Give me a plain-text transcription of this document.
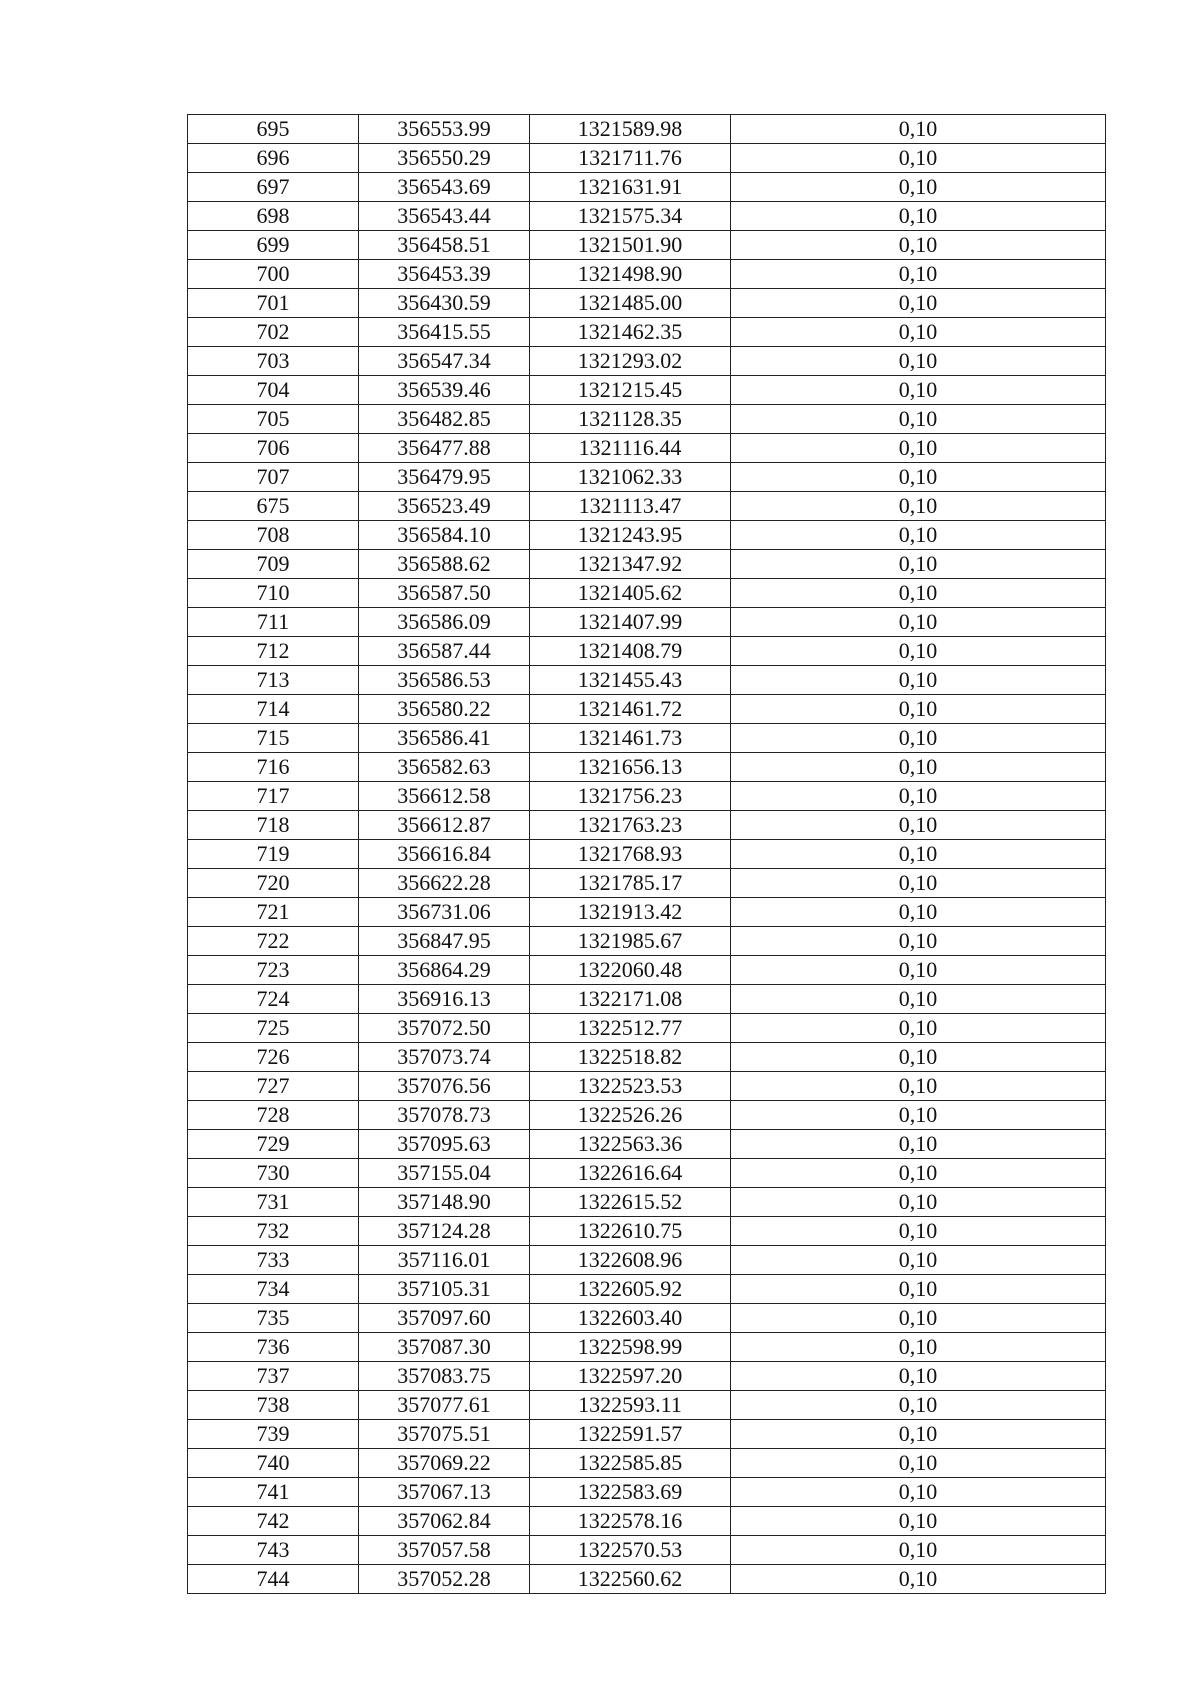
695	356553.99	1321589.98	0,10
696	356550.29	1321711.76	0,10
697	356543.69	1321631.91	0,10
698	356543.44	1321575.34	0,10
699	356458.51	1321501.90	0,10
700	356453.39	1321498.90	0,10
701	356430.59	1321485.00	0,10
702	356415.55	1321462.35	0,10
703	356547.34	1321293.02	0,10
704	356539.46	1321215.45	0,10
705	356482.85	1321128.35	0,10
706	356477.88	1321116.44	0,10
707	356479.95	1321062.33	0,10
675	356523.49	1321113.47	0,10
708	356584.10	1321243.95	0,10
709	356588.62	1321347.92	0,10
710	356587.50	1321405.62	0,10
711	356586.09	1321407.99	0,10
712	356587.44	1321408.79	0,10
713	356586.53	1321455.43	0,10
714	356580.22	1321461.72	0,10
715	356586.41	1321461.73	0,10
716	356582.63	1321656.13	0,10
717	356612.58	1321756.23	0,10
718	356612.87	1321763.23	0,10
719	356616.84	1321768.93	0,10
720	356622.28	1321785.17	0,10
721	356731.06	1321913.42	0,10
722	356847.95	1321985.67	0,10
723	356864.29	1322060.48	0,10
724	356916.13	1322171.08	0,10
725	357072.50	1322512.77	0,10
726	357073.74	1322518.82	0,10
727	357076.56	1322523.53	0,10
728	357078.73	1322526.26	0,10
729	357095.63	1322563.36	0,10
730	357155.04	1322616.64	0,10
731	357148.90	1322615.52	0,10
732	357124.28	1322610.75	0,10
733	357116.01	1322608.96	0,10
734	357105.31	1322605.92	0,10
735	357097.60	1322603.40	0,10
736	357087.30	1322598.99	0,10
737	357083.75	1322597.20	0,10
738	357077.61	1322593.11	0,10
739	357075.51	1322591.57	0,10
740	357069.22	1322585.85	0,10
741	357067.13	1322583.69	0,10
742	357062.84	1322578.16	0,10
743	357057.58	1322570.53	0,10
744	357052.28	1322560.62	0,10
